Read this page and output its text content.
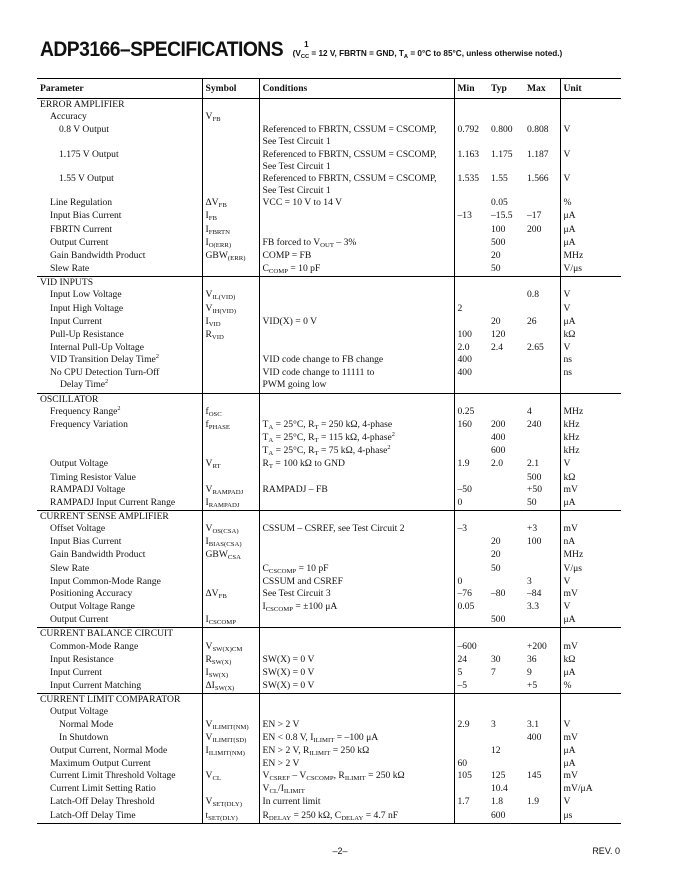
ADP3166–SPECIFICATIONS	$^1$ ($V_{CC} = 12$ V, FBRTN = GND, $T_A = 0^\circ C$ to 85°C, unless otherwise noted.)
Parameter	Symbol	Conditions	Min	Typ	Max	Unit
ERROR AMPLIFIER						
Accuracy	$V_{FB}$					
0.8 V Output		Referenced to FBRTN, CSSUM = CSCOMP,	0.792	0.800	0.808	V
		See Test Circuit 1				
1.175 V Output		Referenced to FBRTN, CSSUM = CSCOMP,	1.163	1.175	1.187	V
		See Test Circuit 1				
1.55 V Output		Referenced to FBRTN, CSSUM = CSCOMP,	1.535	1.55	1.566	V
		See Test Circuit 1				
Line Regulation	$\Delta V_{FB}$	VCC = 10 V to 14 V		0.05		%
Input Bias Current	$I_{FB}$		–13	–15.5	–17	μA
FBRTN Current	$I_{FBRTN}$			100	200	μA
Output Current	$I_{O(ERR)}$	FB forced to $V_{OUT} - 3\%$		500		μA
Gain Bandwidth Product	$GBW_{(ERR)}$	COMP = FB		20		MHz
Slew Rate		$C_{COMP} = 10$ pF		50		V/μs
VID INPUTS						
Input Low Voltage	$V_{IL(VID)}$				0.8	V
Input High Voltage	$V_{IH(VID)}$		2			V
Input Current	$I_{VID}$	VID(X) = 0 V		20	26	μA
Pull-Up Resistance	$R_{VID}$		100	120		kΩ
Internal Pull-Up Voltage			2.0	2.4	2.65	V
VID Transition Delay Time$^2$		VID code change to FB change	400			ns
No CPU Detection Turn-Off		VID code change to 11111 to	400			ns
Delay Time$^2$		PWM going low				
OSCILLATOR						
Frequency Range$^2$	$f_{OSC}$		0.25		4	MHz
Frequency Variation	$f_{PHASE}$	$T_A = 25^\circ C$, $R_T = 250$ kΩ, 4-phase	160	200	240	kHz
		$T_A = 25^\circ C$, $R_T = 115$ kΩ, 4-phase$^2$		400		kHz
		$T_A = 25^\circ C$, $R_T = 75$ kΩ, 4-phase$^2$		600		kHz
Output Voltage	$V_{RT}$	$R_T = 100$ kΩ to GND	1.9	2.0	2.1	V
Timing Resistor Value					500	kΩ
RAMPADJ Voltage	$V_{RAMPADJ}$	RAMPADJ – FB	–50		+50	mV
RAMPADJ Input Current Range	$I_{RAMPADJ}$		0		50	μA
CURRENT SENSE AMPLIFIER						
Offset Voltage	$V_{OS(CSA)}$	CSSUM – CSREF, see Test Circuit 2	–3		+3	mV
Input Bias Current	$I_{BIAS(CSA)}$			20	100	nA
Gain Bandwidth Product	$GBW_{CSA}$			20		MHz
Slew Rate		$C_{CSCOMP} = 10$ pF		50		V/μs
Input Common-Mode Range		CSSUM and CSREF	0		3	V
Positioning Accuracy	$\Delta V_{FB}$	See Test Circuit 3	–76	–80	–84	mV
Output Voltage Range		$I_{CSCOMP} = \pm 100$ μA	0.05		3.3	V
Output Current	$I_{CSCOMP}$			500		μA
CURRENT BALANCE CIRCUIT						
Common-Mode Range	$V_{SW(X)CM}$		–600		+200	mV
Input Resistance	$R_{SW(X)}$	SW(X) = 0 V	24	30	36	kΩ
Input Current	$I_{SW(X)}$	SW(X) = 0 V	5	7	9	μA
Input Current Matching	$\Delta I_{SW(X)}$	SW(X) = 0 V	–5		+5	%
CURRENT LIMIT COMPARATOR						
Output Voltage						
Normal Mode	$V_{ILIMIT(NM)}$	EN > 2 V	2.9	3	3.1	V
In Shutdown	$V_{ILIMIT(SD)}$	EN < 0.8 V, $I_{ILIMIT} = -100$ μA			400	mV
Output Current, Normal Mode	$I_{ILIMIT(NM)}$	EN > 2 V, $R_{ILIMIT} = 250$ kΩ		12		μA
Maximum Output Current		EN > 2 V	60			μA
Current Limit Threshold Voltage	$V_{CL}$	$V_{CSREF} - V_{CSCOMP}$, $R_{ILIMIT} = 250$ kΩ	105	125	145	mV
Current Limit Setting Ratio		$V_{CL}/I_{ILIMIT}$		10.4		mV/μA
Latch-Off Delay Threshold	$V_{SET(DLY)}$	In current limit	1.7	1.8	1.9	V
Latch-Off Delay Time	$t_{SET(DLY)}$	$R_{DELAY} = 250$ kΩ, $C_{DELAY} = 4.7$ nF		600		μs
–2–	REV. 0
